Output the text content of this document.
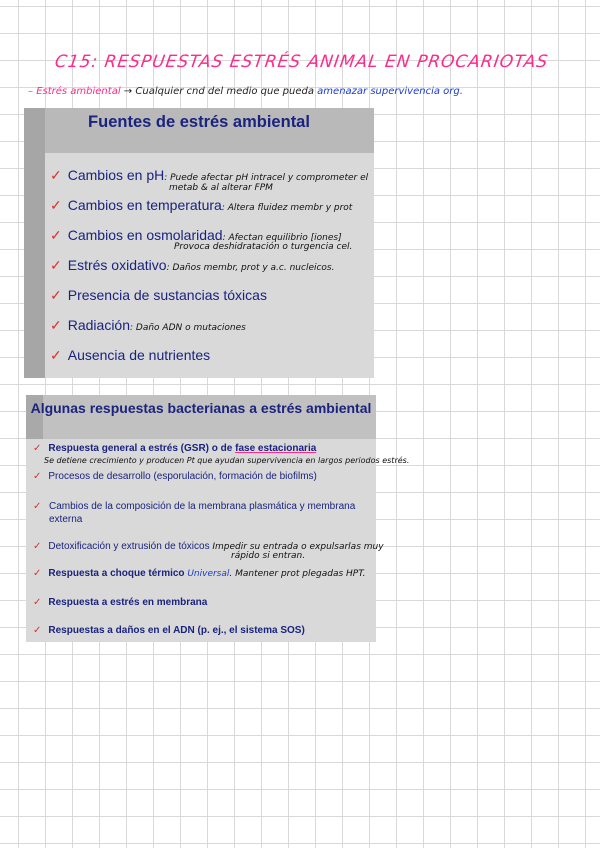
C15: RESPUESTAS ESTRÉS ANIMAL EN PROCARIOTAS
– Estrés ambiental → Cualquier cnd del medio que pueda amenazar supervivencia org.
Fuentes de estrés ambiental
✓ Cambios en pH: Puede afectar pH intracel y comprometer el
metab & al alterar FPM
✓ Cambios en temperatura: Altera fluidez membr y prot
✓ Cambios en osmolaridad: Afectan equilibrio [iones]
Provoca deshidratación o turgencia cel.
✓ Estrés oxidativo: Daños membr, prot y a.c. nucleicos.
✓ Presencia de sustancias tóxicas
✓ Radiación: Daño ADN o mutaciones
✓ Ausencia de nutrientes
Algunas respuestas bacterianas a estrés ambiental
✓ Respuesta general a estrés (GSR) o de fase estacionaria
Se detiene crecimiento y producen Pt que ayudan supervivencia en largos periodos estrés.
✓ Procesos de desarrollo (esporulación, formación de biofilms)
✓ Cambios de la composición de la membrana plasmática y membrana externa
✓ Detoxificación y extrusión de tóxicos Impedir su entrada o expulsarlas muy
rápido si entran.
✓ Respuesta a choque térmico Universal. Mantener prot plegadas HPT.
✓ Respuesta a estrés en membrana
✓ Respuestas a daños en el ADN (p. ej., el sistema SOS)
